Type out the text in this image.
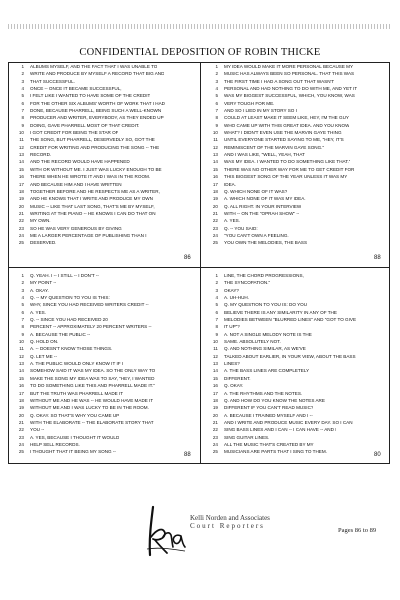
CONFIDENTIAL DEPOSITION OF ROBIN THICKE
1 ALBUMS MYSELF, AND THE FACT THAT I WAS UNABLE TO
2 WRITE AND PRODUCE BY MYSELF A RECORD THAT BIG AND
3 THAT SUCCESSFUL.
4 ONCE -- ONCE IT BECAME SUCCESSFUL,
5 I FELT LIKE I WANTED TO HAVE SOME OF THE CREDIT
6 FOR THE OTHER SIX ALBUMS' WORTH OF WORK THAT I HAD
7 DONE, BECAUSE PHARRELL, BEING SUCH A WELL-KNOWN
8 PRODUCER AND WRITER, EVERYBODY, AS THEY ENDED UP
9 DOING, GAVE PHARRELL MOST OF THAT CREDIT.
10 I GOT CREDIT FOR BEING THE STAR OF
11 THE SONG, BUT PHARRELL, DESERVEDLY SO, GOT THE
12 CREDIT FOR WRITING AND PRODUCING THE SONG -- THE
13 RECORD.
14 AND THE RECORD WOULD HAVE HAPPENED
15 WITH OR WITHOUT ME. I JUST WAS LUCKY ENOUGH TO BE
16 THERE WHEN HE WROTE IT AND I WAS IN THE ROOM.
17 AND BECAUSE HIM AND I HAVE WRITTEN
18 TOGETHER BEFORE AND HE RESPECTS ME AS A WRITER,
19 AND HE KNOWS THAT I WRITE AND PRODUCE MY OWN
20 MUSIC -- LIKE THAT LAST SONG, THAT'S ME BY MYSELF,
21 WRITING AT THE PIANO -- HE KNOWS I CAN DO THAT ON
22 MY OWN.
23 SO HE WAS VERY GENEROUS BY GIVING
24 ME A LARGER PERCENTAGE OF PUBLISHING THAN I
25 DESERVED.
1 MY IDEA WOULD MAKE IT MORE PERSONAL BECAUSE MY
2 MUSIC HAS ALWAYS BEEN SO PERSONAL. THAT THIS WAS
3 THE FIRST TIME I HAD A SONG OUT THAT WASN'T
4 PERSONAL AND HAD NOTHING TO DO WITH ME, AND YET IT
5 WAS MY BIGGEST SUCCESSFUL, WHICH, YOU KNOW, WAS
6 VERY TOUGH FOR ME.
7 AND SO I LIED IN MY STORY SO I
8 COULD AT LEAST MAKE IT SEEM LIKE, HEY, I'M THE GUY
9 WHO CAME UP WITH THIS GREAT IDEA. AND YOU KNOW
10 WHAT? I DIDN'T EVEN USE THE MARVIN GAYE THING
11 UNTIL EVERYONE STARTED SAYING TO ME, "HEY, IT'S
12 REMINISCENT OF THE MARVIN GAYE SONG."
13 AND I WAS LIKE, "WELL, YEAH, THAT
14 WAS MY IDEA. I WANTED TO DO SOMETHING LIKE THAT."
15 THERE WAS NO OTHER WAY FOR ME TO GET CREDIT FOR
16 THIS BIGGEST SONG OF THE YEAR UNLESS IT WAS MY
17 IDEA.
18 Q. WHICH NONE OF IT WAS?
19 A. WHICH NONE OF IT WAS MY IDEA.
20 Q. ALL RIGHT. IN YOUR INTERVIEW
21 WITH -- ON THE "OPRAH SHOW" --
22 A. YES.
23 Q. -- YOU SAID:
24 "YOU CAN'T OWN A FEELING.
25 YOU OWN THE MELODIES, THE BASS
1 Q. YEAH. I -- I STILL -- I DON'T --
2 MY POINT --
3 A. OKAY.
4 Q. -- MY QUESTION TO YOU IS THIS:
5 WHY, SINCE YOU HAD RECEIVED WRITERS CREDIT --
6 A. YES.
7 Q. -- SINCE YOU HAD RECEIVED 20
8 PERCENT -- APPROXIMATELY 20 PERCENT WRITERS --
9 A. BECAUSE THE PUBLIC --
10 Q. HOLD ON.
11 A. -- DOESN'T KNOW THOSE THINGS.
12 Q. LET ME --
13 A. THE PUBLIC WOULD ONLY KNOW IT IF I
14 SOMEHOW SAID IT WAS MY IDEA. SO THE ONLY WAY TO
15 MAKE THE SONG MY IDEA WAS TO SAY, "HEY, I WANTED
16 TO DO SOMETHING LIKE THIS AND PHARRELL MADE IT."
17 BUT THE TRUTH WAS PHARRELL MADE IT
18 WITHOUT ME AND HE WAS -- HE WOULD HAVE MADE IT
19 WITHOUT ME AND I WAS LUCKY TO BE IN THE ROOM.
20 Q. OKAY. SO THAT'S WHY YOU CAME UP
21 WITH THE ELABORATE -- THE ELABORATE STORY THAT
22 YOU --
23 A. YES, BECAUSE I THOUGHT IT WOULD
24 HELP SELL RECORDS.
25 I THOUGHT THAT IT BEING MY SONG --
1 LINE, THE CHORD PROGRESSIONS,
2 THE SYNCOPATION."
3 OKAY?
4 A. UH-HUH.
5 Q. MY QUESTION TO YOU IS: DO YOU
6 BELIEVE THERE IS ANY SIMILARITY IN ANY OF THE
7 MELODIES BETWEEN "BLURRED LINES" AND "GOT TO GIVE
8 IT UP"?
9 A. NOT A SINGLE MELODY NOTE IS THE
10 SAME. ABSOLUTELY NOT.
11 Q. AND NOTHING SIMILAR, AS WE'VE
12 TALKED ABOUT EARLIER, IN YOUR VIEW, ABOUT THE BASS
13 LINES?
14 A. THE BASS LINES ARE COMPLETELY
15 DIFFERENT.
16 Q. OKAY.
17 A. THE RHYTHMS AND THE NOTES.
18 Q. AND HOW DO YOU KNOW THE NOTES ARE
19 DIFFERENT IF YOU CAN'T READ MUSIC?
20 A. BECAUSE I TRAINED MYSELF AND I --
21 AND I WRITE AND PRODUCE MUSIC EVERY DAY. SO I CAN
22 SING BASS LINES AND I CAN -- I CAN HAVE -- AND I
23 SING GUITAR LINES.
24 ALL THE MUSIC THAT'S CREATED BY MY
25 MUSICIANS ARE PARTS THAT I SING TO THEM.
86	88
88	80
Kelli Norden and Associates
Court Reporters
Pages 86 to 89
